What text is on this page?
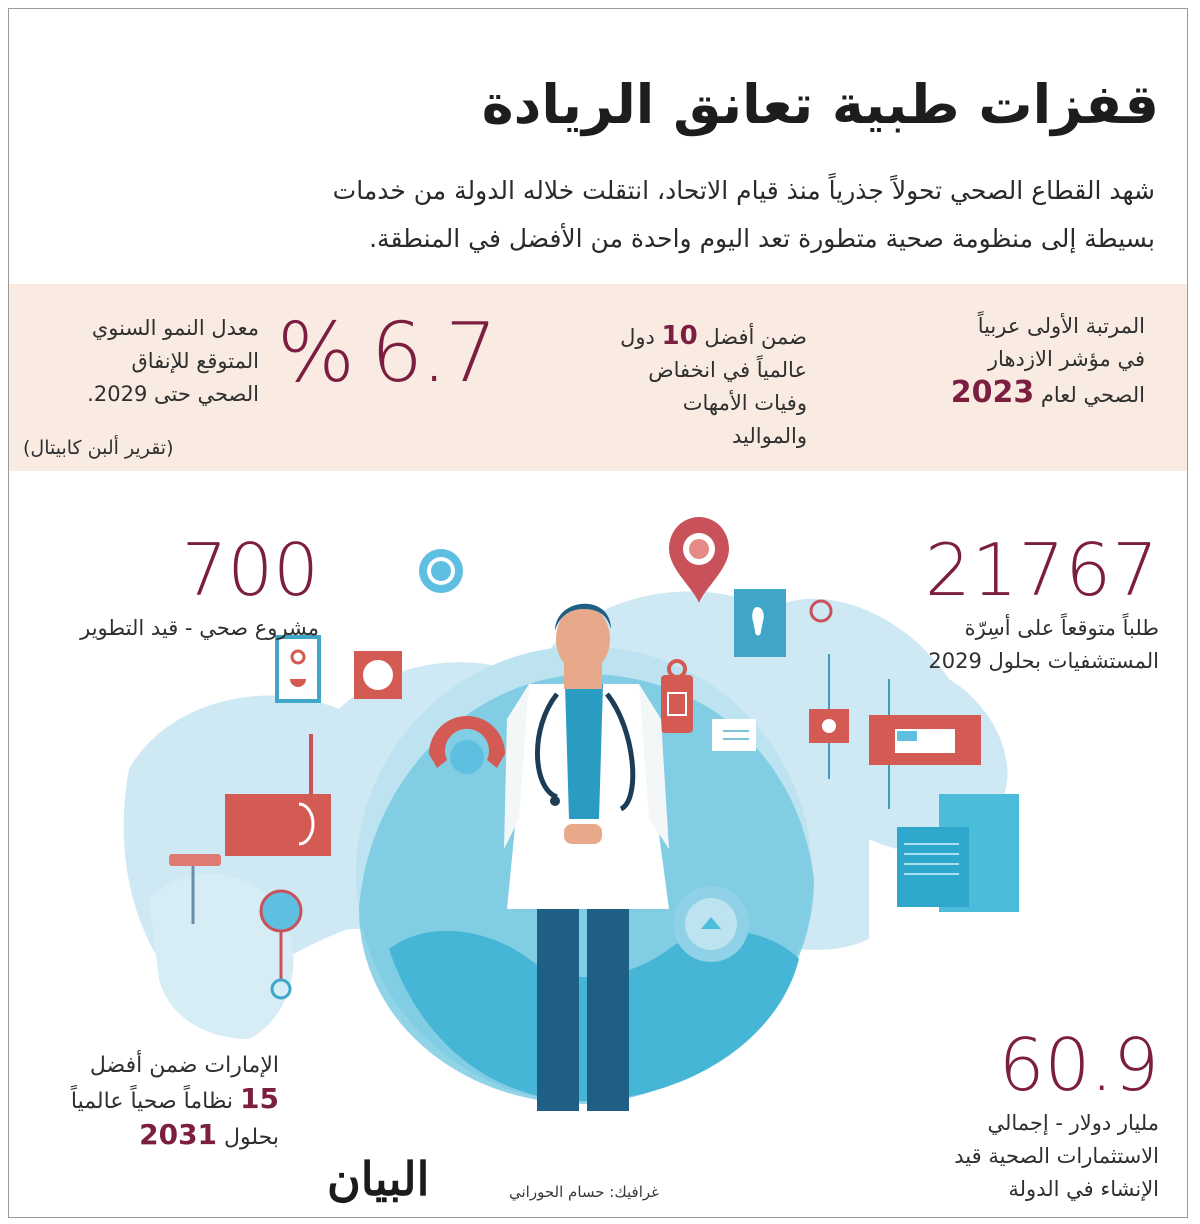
قفزات طبية تعانق الريادة
شهد القطاع الصحي تحولاً جذرياً منذ قيام الاتحاد، انتقلت خلاله الدولة من خدمات
بسيطة إلى منظومة صحية متطورة تعد اليوم واحدة من الأفضل في المنطقة.
المرتبة الأولى عربياً
في مؤشر الازدهار
الصحي لعام 2023
ضمن أفضل 10 دول
عالمياً في انخفاض
وفيات الأمهات
والمواليد
% 6.7
معدل النمو السنوي
المتوقع للإنفاق
الصحي حتى 2029.
(تقرير ألبن كابيتال)
21767
طلباً متوقعاً على أسِرّة
المستشفيات بحلول 2029
700
مشروع صحي - قيد التطوير
60.9
مليار دولار - إجمالي
الاستثمارات الصحية قيد
الإنشاء في الدولة
الإمارات ضمن أفضل
15 نظاماً صحياً عالمياً
بحلول 2031
البيان	غرافيك: حسام الحوراني
